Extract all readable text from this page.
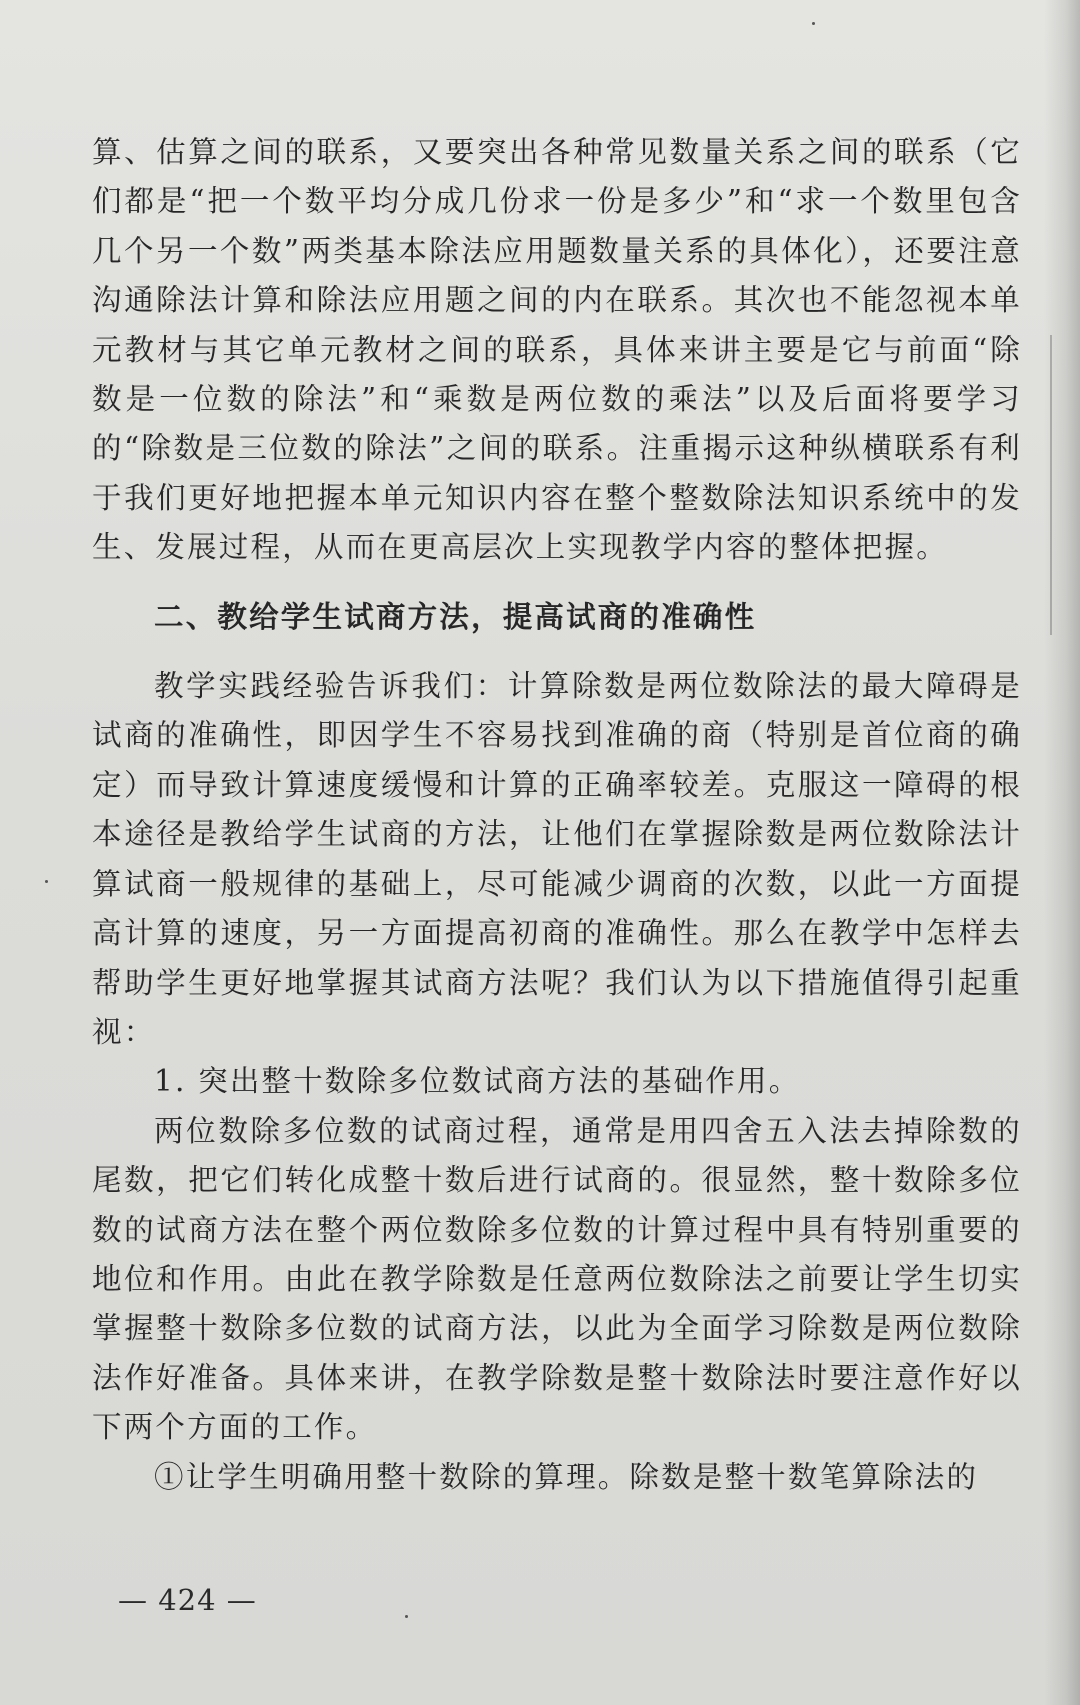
算、估算之间的联系，又要突出各种常见数量关系之间的联系（它们都是“把一个数平均分成几份求一份是多少”和“求一个数里包含几个另一个数”两类基本除法应用题数量关系的具体化），还要注意沟通除法计算和除法应用题之间的内在联系。其次也不能忽视本单元教材与其它单元教材之间的联系，具体来讲主要是它与前面“除数是一位数的除法”和“乘数是两位数的乘法”以及后面将要学习的“除数是三位数的除法”之间的联系。注重揭示这种纵横联系有利于我们更好地把握本单元知识内容在整个整数除法知识系统中的发生、发展过程，从而在更高层次上实现教学内容的整体把握。

二、教给学生试商方法，提高试商的准确性

教学实践经验告诉我们：计算除数是两位数除法的最大障碍是试商的准确性，即因学生不容易找到准确的商（特别是首位商的确定）而导致计算速度缓慢和计算的正确率较差。克服这一障碍的根本途径是教给学生试商的方法，让他们在掌握除数是两位数除法计算试商一般规律的基础上，尽可能减少调商的次数，以此一方面提高计算的速度，另一方面提高初商的准确性。那么在教学中怎样去帮助学生更好地掌握其试商方法呢？我们认为以下措施值得引起重视：

1. 突出整十数除多位数试商方法的基础作用。

两位数除多位数的试商过程，通常是用四舍五入法去掉除数的尾数，把它们转化成整十数后进行试商的。很显然，整十数除多位数的试商方法在整个两位数除多位数的计算过程中具有特别重要的地位和作用。由此在教学除数是任意两位数除法之前要让学生切实掌握整十数除多位数的试商方法，以此为全面学习除数是两位数除法作好准备。具体来讲，在教学除数是整十数除法时要注意作好以下两个方面的工作。

①让学生明确用整十数除的算理。除数是整十数笔算除法的

— 424 —
